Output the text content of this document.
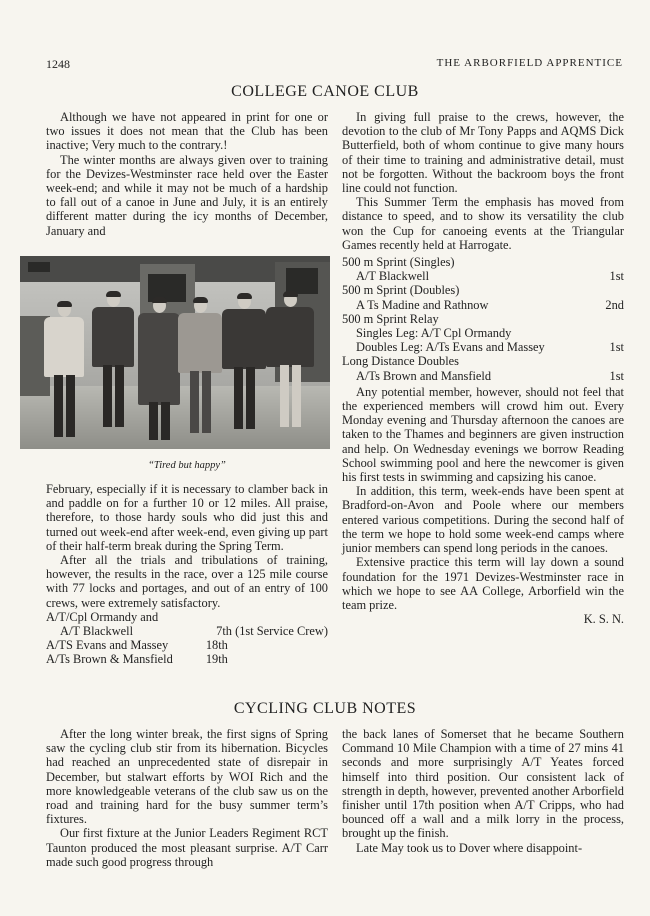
1248	THE ARBORFIELD APPRENTICE
COLLEGE CANOE CLUB

Although we have not appeared in print for one or two issues it does not mean that the Club has been inactive; Very much to the contrary.!

The winter months are always given over to training for the Devizes-Westminster race held over the Easter week-end; and while it may not be much of a hardship to fall out of a canoe in June and July, it is an entirely different matter during the icy months of December, January and

“Tired but happy”

February, especially if it is necessary to clamber back in and paddle on for a further 10 or 12 miles. All praise, therefore, to those hardy souls who did just this and turned out week-end after week-end, even giving up part of their half-term break during the Spring Term.

After all the trials and tribulations of training, however, the results in the race, over a 125 mile course with 77 locks and portages, and out of an entry of 100 crews, were extremely satisfactory.

A/T/Cpl Ormandy and	
A/T Blackwell	7th (1st Service Crew)
A/TS Evans and Massey	18th
A/Ts Brown & Mansfield	19th

In giving full praise to the crews, however, the devotion to the club of Mr Tony Papps and AQMS Dick Butterfield, both of whom continue to give many hours of their time to training and administrative detail, must not be forgotten. Without the backroom boys the front line could not function.

This Summer Term the emphasis has moved from distance to speed, and to show its versatility the club won the Cup for canoeing events at the Triangular Games recently held at Harrogate.

500 m Sprint (Singles)	
A/T Blackwell	1st
500 m Sprint (Doubles)	
A Ts Madine and Rathnow	2nd
500 m Sprint Relay	
Singles Leg: A/T Cpl Ormandy	
Doubles Leg: A/Ts Evans and Massey	1st
Long Distance Doubles	
A/Ts Brown and Mansfield	1st

Any potential member, however, should not feel that the experienced members will crowd him out. Every Monday evening and Thursday afternoon the canoes are taken to the Thames and beginners are given instruction and help. On Wednesday evenings we borrow Reading School swimming pool and here the newcomer is given his first tests in swimming and capsizing his canoe.

In addition, this term, week-ends have been spent at Bradford-on-Avon and Poole where our members entered various competitions. During the second half of the term we hope to hold some week-end camps where junior members can spend long periods in the canoes.

Extensive practice this term will lay down a sound foundation for the 1971 Devizes-Westminster race in which we hope to see AA College, Arborfield win the team prize.

K. S. N.

CYCLING CLUB NOTES

After the long winter break, the first signs of Spring saw the cycling club stir from its hibernation. Bicycles had reached an unprecedented state of disrepair in December, but stalwart efforts by WOI Rich and the more knowledgeable veterans of the club saw us on the road and training hard for the busy summer term’s fixtures.

Our first fixture at the Junior Leaders Regiment RCT Taunton produced the most pleasant surprise. A/T Carr made such good progress through

the back lanes of Somerset that he became Southern Command 10 Mile Champion with a time of 27 mins 41 seconds and more surprisingly A/T Yeates forced himself into third position. Our consistent lack of strength in depth, however, prevented another Arborfield finisher until 17th position when A/T Cripps, who had bounced off a wall and a milk lorry in the process, brought up the finish.

Late May took us to Dover where disappoint-
